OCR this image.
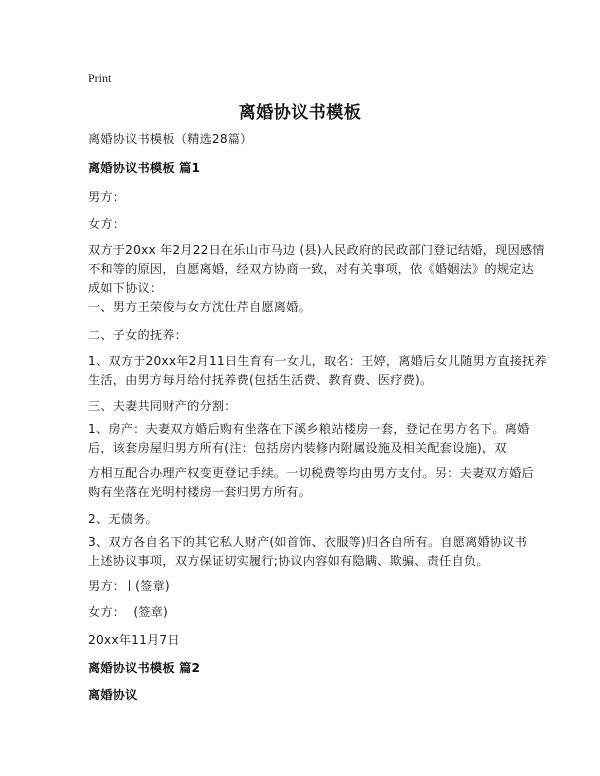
Print
离婚协议书模板
离婚协议书模板（精选28篇）
离婚协议书模板 篇1
男方：
女方：
双方于20xx 年2月22日在乐山市马边 (县)人民政府的民政部门登记结婚，现因感情
不和等的原因，自愿离婚，经双方协商一致，对有关事项，依《婚姻法》的规定达
成如下协议：
一、男方王荣俊与女方沈仕芹自愿离婚。
二、子女的抚养：
1、双方于20xx年2月11日生育有一女儿，取名：王婷，离婚后女儿随男方直接抚养
生活，由男方每月给付抚养费(包括生活费、教育费、医疗费)。
三、夫妻共同财产的分割：
1、房产：夫妻双方婚后购有坐落在下溪乡粮站楼房一套，登记在男方名下。离婚
后，该套房屋归男方所有(注：包括房内装修内附属设施及相关配套设施)，双
方相互配合办理产权变更登记手续。一切税费等均由男方支付。另：夫妻双方婚后
购有坐落在光明村楼房一套归男方所有。
2、无债务。
3、双方各自名下的其它私人财产(如首饰、衣服等)归各自所有。自愿离婚协议书
上述协议事项，双方保证切实履行;协议内容如有隐瞒、欺骗、责任自负。
男方： (签章)
女方： (签章)
20xx年11月7日
离婚协议书模板 篇2
离婚协议
